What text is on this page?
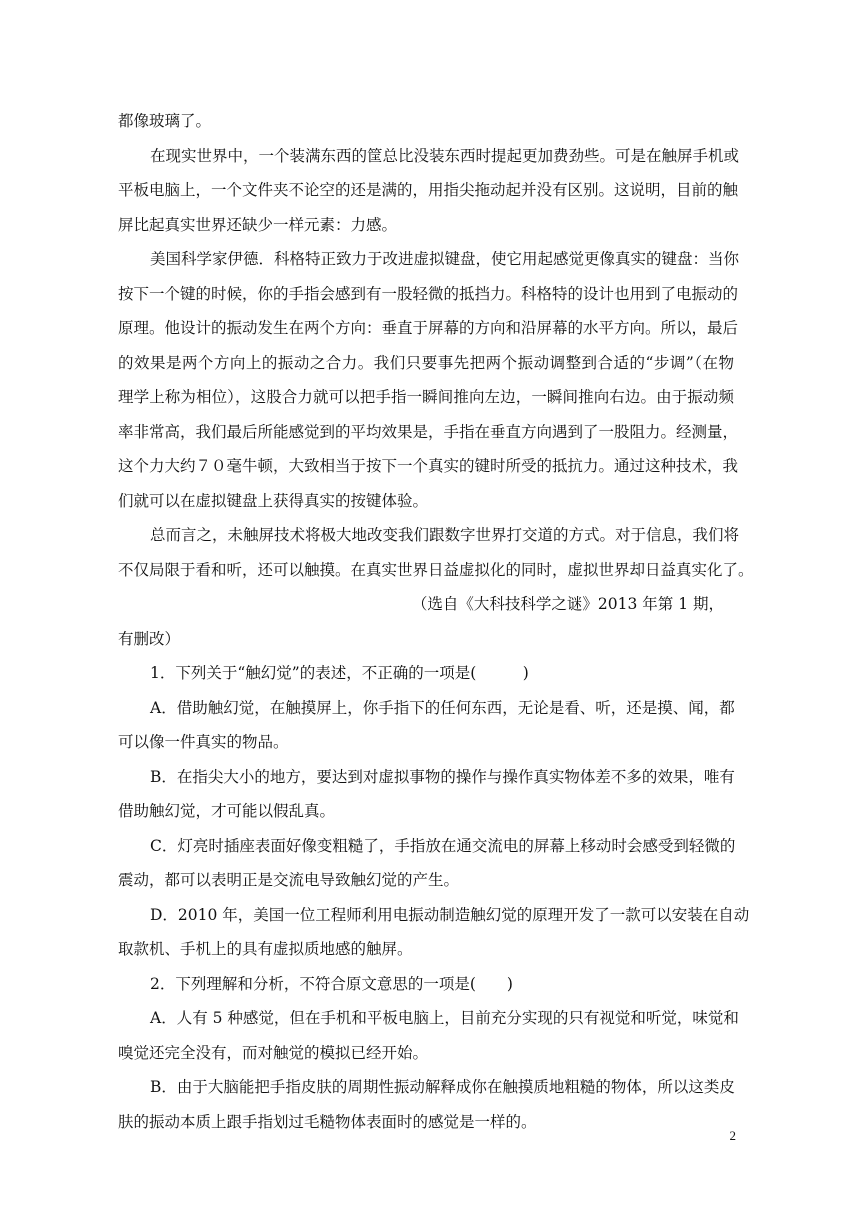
都像玻璃了。
在现实世界中，一个装满东西的筐总比没装东西时提起更加费劲些。可是在触屏手机或
平板电脑上，一个文件夹不论空的还是满的，用指尖拖动起并没有区别。这说明，目前的触
屏比起真实世界还缺少一样元素：力感。
美国科学家伊德．科格特正致力于改进虚拟键盘，使它用起感觉更像真实的键盘：当你
按下一个键的时候，你的手指会感到有一股轻微的抵挡力。科格特的设计也用到了电振动的
原理。他设计的振动发生在两个方向：垂直于屏幕的方向和沿屏幕的水平方向。所以，最后
的效果是两个方向上的振动之合力。我们只要事先把两个振动调整到合适的“步调”（在物
理学上称为相位），这股合力就可以把手指一瞬间推向左边，一瞬间推向右边。由于振动频
率非常高，我们最后所能感觉到的平均效果是，手指在垂直方向遇到了一股阻力。经测量，
这个力大约７０毫牛顿，大致相当于按下一个真实的键时所受的抵抗力。通过这种技术，我
们就可以在虚拟键盘上获得真实的按键体验。
总而言之，未触屏技术将极大地改变我们跟数字世界打交道的方式。对于信息，我们将
不仅局限于看和听，还可以触摸。在真实世界日益虚拟化的同时，虚拟世界却日益真实化了。
（选自《大科技科学之谜》2013 年第 1 期，
有删改）
1．下列关于“触幻觉”的表述，不正确的一项是(　　　)
A．借助触幻觉，在触摸屏上，你手指下的任何东西，无论是看、听，还是摸、闻，都
可以像一件真实的物品。
B．在指尖大小的地方，要达到对虚拟事物的操作与操作真实物体差不多的效果，唯有
借助触幻觉，才可能以假乱真。
C．灯亮时插座表面好像变粗糙了，手指放在通交流电的屏幕上移动时会感受到轻微的
震动，都可以表明正是交流电导致触幻觉的产生。
D．2010 年，美国一位工程师利用电振动制造触幻觉的原理开发了一款可以安装在自动
取款机、手机上的具有虚拟质地感的触屏。
2．下列理解和分析，不符合原文意思的一项是(　　)
A．人有 5 种感觉，但在手机和平板电脑上，目前充分实现的只有视觉和听觉，味觉和
嗅觉还完全没有，而对触觉的模拟已经开始。
B．由于大脑能把手指皮肤的周期性振动解释成你在触摸质地粗糙的物体，所以这类皮
肤的振动本质上跟手指划过毛糙物体表面时的感觉是一样的。
2
